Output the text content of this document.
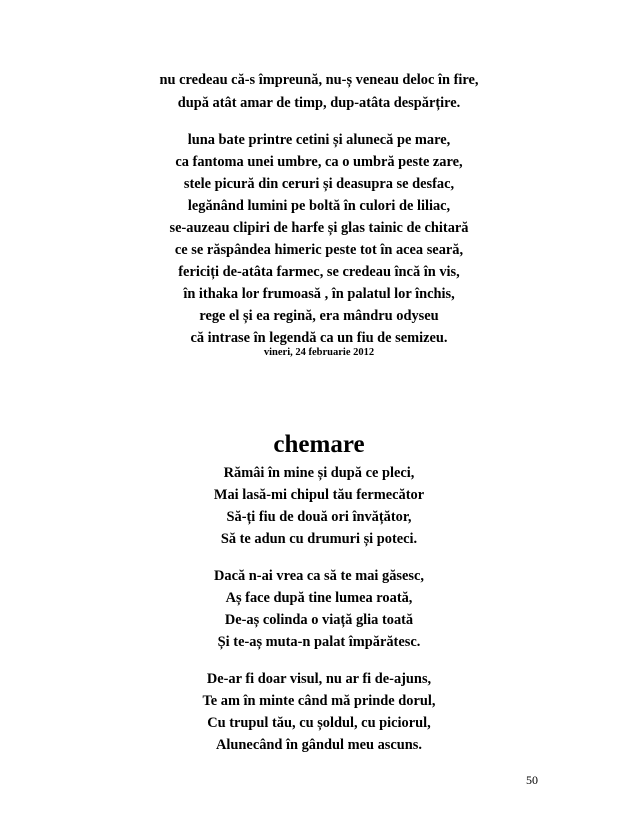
nu credeau că-s împreună, nu-ș veneau deloc în fire,
după atât amar de timp, dup-atâta despărțire.
luna bate printre cetini și alunecă pe mare,
ca fantoma unei umbre, ca o umbră peste zare,
stele picură din ceruri și deasupra se desfac,
legănând lumini pe boltă în culori de liliac,
se-auzeau clipiri de harfe și glas tainic de chitară
ce se răspândea himeric peste tot în acea seară,
fericiți de-atâta farmec, se credeau încă în vis,
în ithaka lor frumoasă , în palatul lor închis,
rege el și ea regină, era mândru odyseu
că intrase în legendă ca un fiu de semizeu.
vineri, 24 februarie 2012
chemare
Rămâi în mine și după ce pleci,
Mai lasă-mi chipul tău fermecător
Să-ți fiu de două ori învățător,
Să te adun cu drumuri și poteci.
Dacă n-ai vrea ca să te mai găsesc,
Aș face după tine lumea roată,
De-aș colinda o viață glia toată
Și te-aș muta-n palat împărătesc.
De-ar fi doar visul, nu ar fi de-ajuns,
Te am în minte când mă prinde dorul,
Cu trupul tău, cu șoldul, cu piciorul,
Alunecând în gândul meu ascuns.
50
